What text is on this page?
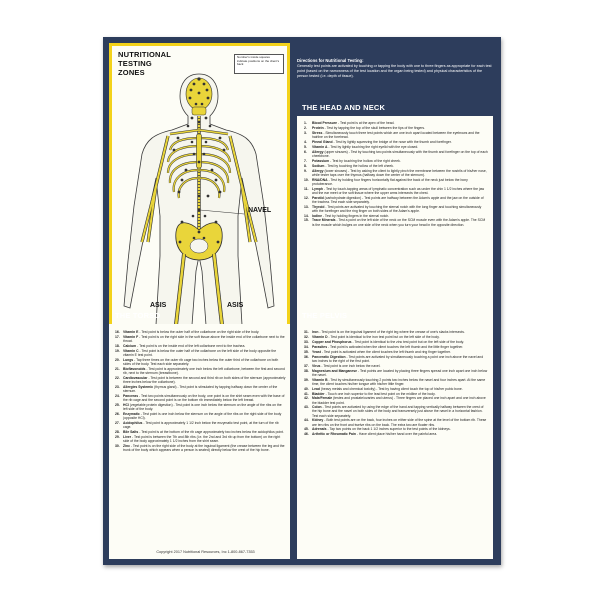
NUTRITIONAL
TESTING
ZONES
Number's inside squares indicate positions on the client's back
NAVEL
ASIS	ASIS
Directions for Nutritional Testing:
Generally test points are activated by touching or tapping the body with one to three fingers as appropriate for each test point (based on the narrowness of the test location and the organ being tested) and physical characteristics of the person tested (i.e. depth of tissue).
THE HEAD AND NECK
1.	Blood Pressure - Test point is at the apex of the head.
2.	Protein - Test by tapping the top of the skull between the tips of the fingers.
3.	Stress - Simultaneously touch three test points which are one inch apart located between the eyebrows and the hairline on the forehead.
4.	Pineal Gland - Test by lightly squeezing the bridge of the nose with the thumb and forefinger.
5.	Vitamin A - Test by lightly touching the right eyelid with the eye closed.
6.	Allergy (upper sinuses) - Test by touching two points simultaneously with the thumb and forefinger on the top of each cheekbone.
7.	Potassium - Test by touching the hollow of the right cheek.
8.	Sodium - Test by touching the hollow of the left cheek.
9.	Allergy (lower sinuses) - Test by asking the client to lightly pinch the membrane between the nostrils of his/her nose, while tester taps over the thymus (halfway down the center of the sternum).
10. RNA/DNA - Test by holding four fingers horizontally flat against the back of the neck just below the bony protuberance.
11.	Lymph - Test by touch-tapping areas of lymphatic concentration such as under the chin 1 1/2 inches where the jaw and the ear meet or the soft tissue where the upper arms intersects the chest.
12. Parotid (carbohydrate digestion) - Test points are halfway between the Adam's apple and the jaw on the outside of the trachea. Test each side separately.
13. Thyroid - Test points are activated by touching the sternal notch with the long finger and touching simultaneously with the forefinger and the ring finger on both sides of the Adam's apple.
14. Iodine - Test by holding fingers in the sternal notch.
15. Trace Minerals - Test a point on the left side of the neck on the SCM muscle even with the Adam's apple. The SCM is the muscle which bulges on one side of the neck when you turn your head in the opposite direction.
THE TORSO
16. Vitamin E - Test point is below the outer half of the collarbone on the right side of the body.
17. Vitamin F - Test point is on the right side in the soft tissue above the inside end of the collarbone next to the throat.
18. Calcium - Test point is on the inside end of the left collarbone next to the trachea.
19. Vitamin C - Test point is below the outer half of the collarbone on the left side of the body opposite the vitamin E test point.
20. Lungs - Tap three times on the outer rib cage two inches below the outer third of the collarbone on both sides of the body. Test each side separately.
21. Bioflavonoids - Test point is approximately one inch below the left collarbone, between the first and second rib, next to the sternum (breastbone).
22. Cardiovascular - Test point is between the second and third rib on both sides of the sternum (approximately three inches below the collarbone).
23. Allergies Systemic (thymus gland) - Test point is stimulated by tapping halfway down the center of the sternum.
24. Pancreas - Test two points simultaneously on the body, one point is on the shirt seam even with the base of the rib cage and the second point is on the bottom rib immediately below the left breast.
25. HCl (vegetable protein digestion) - Test point is one inch below the sternum on the angle of the ribs on the left side of the body.
26. Enzymatic - Test point is one inch below the sternum on the angle of the ribs on the right side of the body (opposite HCl).
27. Acidophilus - Test point is approximately 1 1/2 inch below the enzymatic test point, at the turn of the rib cage.
28. Bile Salts - Test point is at the bottom of the rib cage approximately two inches below the acidophilus point.
29. Liver - Test point is between the 7th and 8th ribs (i.e. the 2nd and 3rd rib up from the bottom) on the right side of the body approximately 1 1/2 inches from the shirt seam.
30. Zinc - Test point is on the right side of the body at the inguinal ligament (the crease between the leg and the trunk of the body which appears when a person is seated) directly below the crest of the hip bone.
Copyright 2017 Nutritional Resources, Inc 1-800-867-7353
THE PELVIS
31. Iron - Test point is on the inguinal ligament of the right leg where the crease of one's slacks intersects.
32. Vitamin D - Test point is identical to the iron test point but on the left side of the body.
33. Copper and Phosphorus - Test point is identical to the zinc test point but on the left side of the body.
34. Parasites - Test point is activated when the client touches the left thumb and the little finger together.
35. Yeast - Test point is activated when the client touches the left thumb and ring finger together.
36. Pancreatic Digestion - Test points are activated by simultaneously touching a point one inch above the navel and two inches to the right of the first point.
37. Virus - Test point is one inch below the navel.
38. Magnesium and Manganese - Test points are located by placing three fingers spread one inch apart one inch below the navel.
39. Vitamin B - Test by simultaneously touching 2 points two inches below the navel and four inches apart. At the same time, the client touches his/her tongue with his/her little finger.
40. Lead (heavy metals and chemical toxicity) - Test by having client touch the top of his/her pubic bone.
41. Bladder - Touch one inch superior to the lead test point on the midline of the body.
42. Male/Female (testes and prostate/ovaries and uterus) - Three fingers are placed one inch apart and one inch above the bladder test point.
43. Colon - Test points are activated by using the edge of the hand and tapping vertically halfway between the crest of the hip bone and the navel on both sides of the body and transversely just above the navel in a horizontal fashion. Test each side separately.
44. Kidney - Both test points are on the back, four inches on either side of the spine at the level of the bottom rib. These are ten ribs on the front and twelve ribs on the back. The extra two are floater ribs.
45. Adrenals - Tap two points on the back 1 1/2 inches superior to the test points of the kidneys.
46. Arthritic or Rheumatic Pain - Have client place his/her hand over the painful area.
